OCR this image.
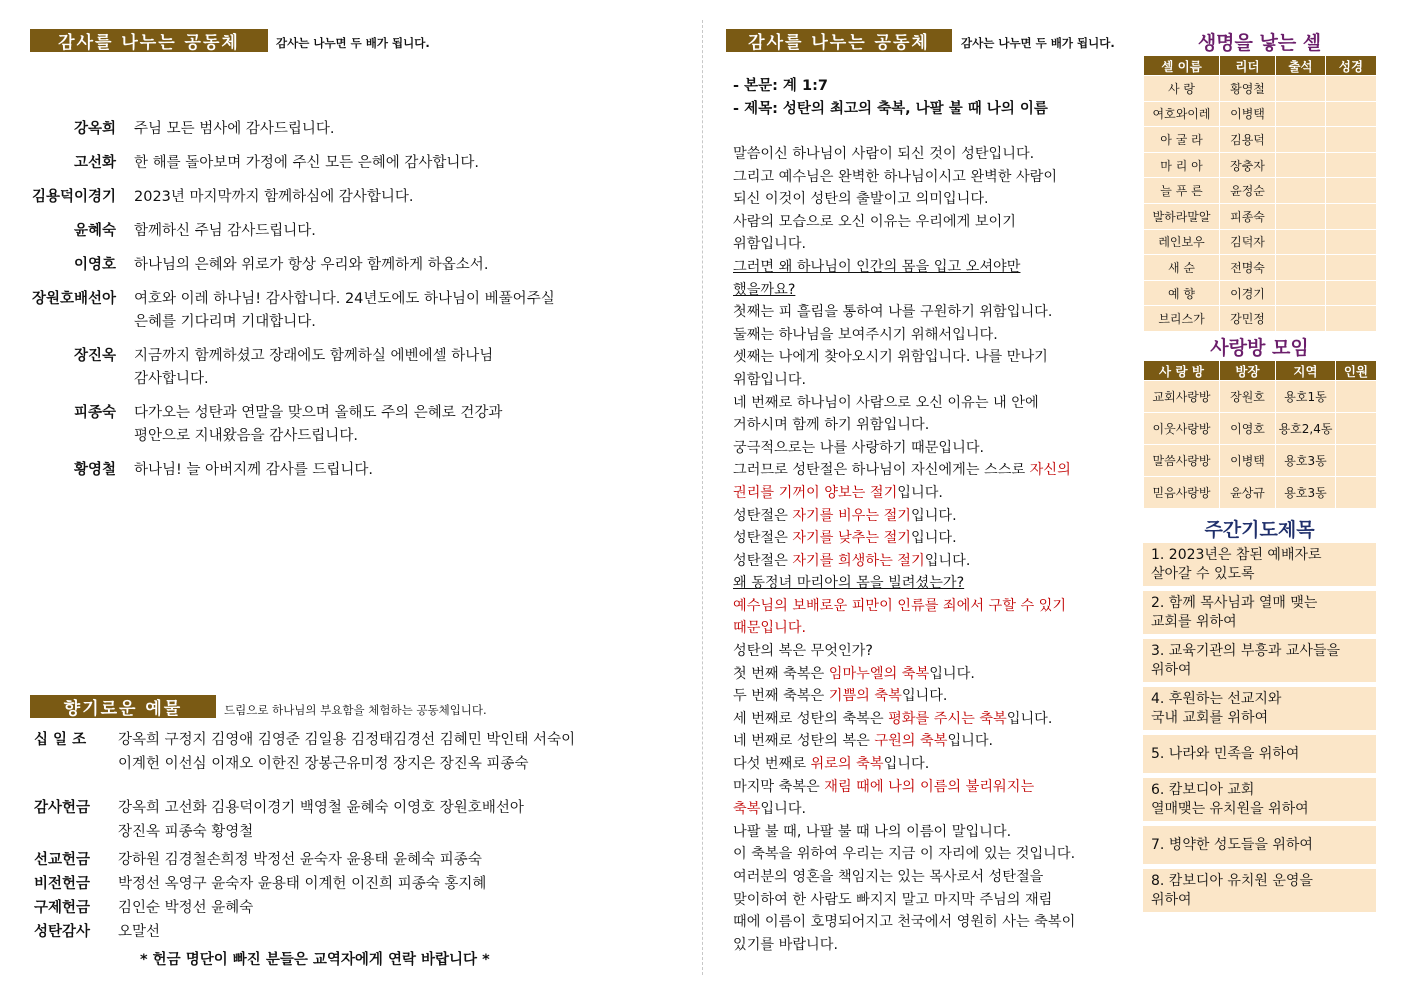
감사를 나누는 공동체	감사는 나누면 두 배가 됩니다.
강옥희	주님 모든 범사에 감사드립니다.
고선화	한 해를 돌아보며 가정에 주신 모든 은혜에 감사합니다.
김용덕이경기	2023년 마지막까지 함께하심에 감사합니다.
윤혜숙	함께하신 주님 감사드립니다.
이영호	하나님의 은혜와 위로가 항상 우리와 함께하게 하옵소서.
장원호배선아	여호와 이레 하나님! 감사합니다. 24년도에도 하나님이 베풀어주실
은혜를 기다리며 기대합니다.
장진옥	지금까지 함께하셨고 장래에도 함께하실 에벤에셀 하나님
감사합니다.
피종숙	다가오는 성탄과 연말을 맞으며 올해도 주의 은혜로 건강과
평안으로 지내왔음을 감사드립니다.
황영철	하나님! 늘 아버지께 감사를 드립니다.
향기로운 예물	드림으로 하나님의 부요함을 체험하는 공동체입니다.
십 일 조	강옥희 구정지 김영애 김영준 김일용 김정태김경선 김혜민 박인태 서숙이
이계헌 이선심 이재오 이한진 장봉근유미정 장지은 장진옥 피종숙
감사헌금	강옥희 고선화 김용덕이경기 백영철 윤혜숙 이영호 장원호배선아
장진옥 피종숙 황영철
선교헌금	강하원 김경철손희정 박정선 윤숙자 윤용태 윤혜숙 피종숙
비전헌금	박정선 옥영구 윤숙자 윤용태 이계헌 이진희 피종숙 홍지혜
구제헌금	김인순 박정선 윤혜숙
성탄감사	오말선
* 헌금 명단이 빠진 분들은 교역자에게 연락 바랍니다 *
감사를 나누는 공동체	감사는 나누면 두 배가 됩니다.
- 본문: 계 1:7
- 제목: 성탄의 최고의 축복, 나팔 불 때 나의 이름
말씀이신 하나님이 사람이 되신 것이 성탄입니다.
그리고 예수님은 완벽한 하나님이시고 완벽한 사람이
되신 이것이 성탄의 출발이고 의미입니다.
사람의 모습으로 오신 이유는 우리에게 보이기
위함입니다.
그러면 왜 하나님이 인간의 몸을 입고 오셔야만
했을까요?
첫째는 피 흘림을 통하여 나를 구원하기 위함입니다.
둘째는 하나님을 보여주시기 위해서입니다.
셋째는 나에게 찾아오시기 위함입니다. 나를 만나기
위함입니다.
네 번째로 하나님이 사람으로 오신 이유는 내 안에
거하시며 함께 하기 위함입니다.
궁극적으로는 나를 사랑하기 때문입니다.
그러므로 성탄절은 하나님이 자신에게는 스스로 자신의
권리를 기꺼이 양보는 절기입니다.
성탄절은 자기를 비우는 절기입니다.
성탄절은 자기를 낮추는 절기입니다.
성탄절은 자기를 희생하는 절기입니다.
왜 동정녀 마리아의 몸을 빌려셨는가?
예수님의 보배로운 피만이 인류를 죄에서 구할 수 있기
때문입니다.
성탄의 복은 무엇인가?
첫 번째 축복은 임마누엘의 축복입니다.
두 번째 축복은 기쁨의 축복입니다.
세 번째로 성탄의 축복은 평화를 주시는 축복입니다.
네 번째로 성탄의 복은 구원의 축복입니다.
다섯 번째로 위로의 축복입니다.
마지막 축복은 재림 때에 나의 이름의 불리워지는
축복입니다.
나팔 불 때, 나팔 불 때 나의 이름이 말입니다.
이 축복을 위하여 우리는 지금 이 자리에 있는 것입니다.
여러분의 영혼을 책임지는 있는 목사로서 성탄절을
맞이하여 한 사람도 빠지지 말고 마지막 주님의 재림
때에 이름이 호명되어지고 천국에서 영원히 사는 축복이
있기를 바랍니다.
생명을 낳는 셀
셀 이름	리더	출석	성경
사 랑	황영철		
여호와이레	이병택		
아 굴 라	김용덕		
마 리 아	장충자		
늘 푸 른	윤정순		
발하라말알	피종숙		
레인보우	김덕자		
새 순	전명숙		
예 향	이경기		
브리스가	강민정		
사랑방 모임
사 랑 방	방장	지역	인원
교회사랑방	장원호	용호1동	
이웃사랑방	이영호	용호2,4동	
말씀사랑방	이병택	용호3동	
믿음사랑방	윤상규	용호3동	
주간기도제목
1. 2023년은 참된 예배자로
살아갈 수 있도록
2. 함께 목사님과 열매 맺는
교회를 위하여
3. 교육기관의 부흥과 교사들을
위하여
4. 후원하는 선교지와
국내 교회를 위하여
5. 나라와 민족을 위하여
6. 캄보디아 교회
열매맺는 유치원을 위하여
7. 병약한 성도들을 위하여
8. 캄보디아 유치원 운영을
위하여
